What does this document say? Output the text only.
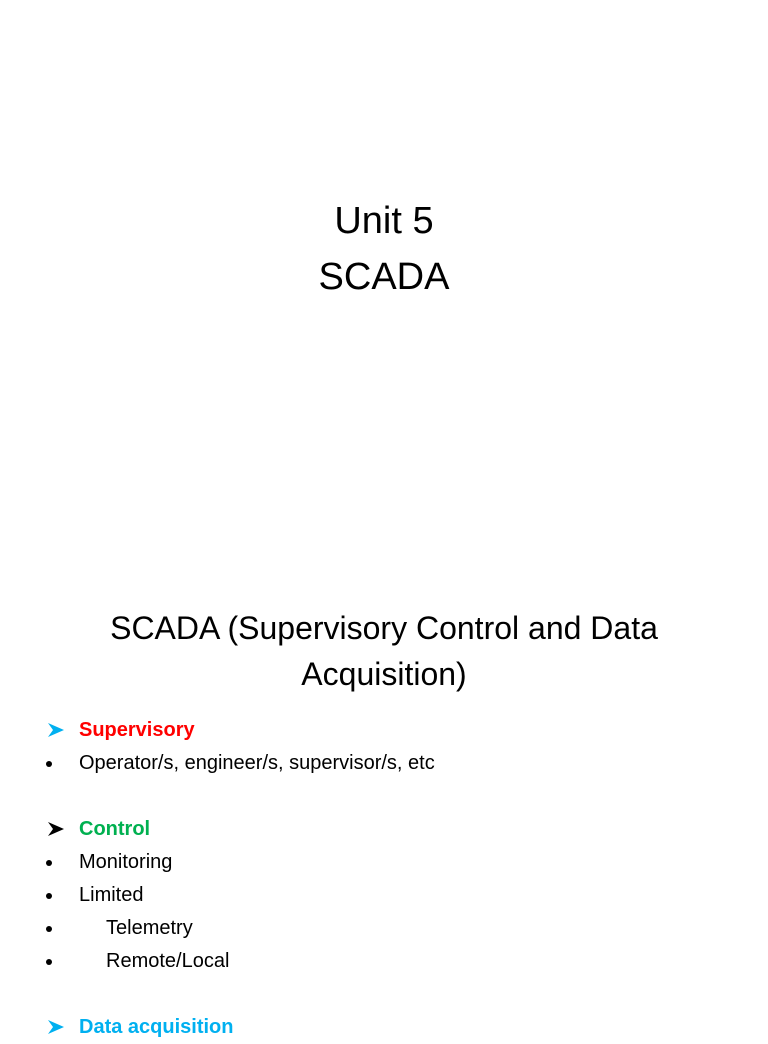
Unit 5
SCADA
SCADA (Supervisory Control and Data
Acquisition)
Supervisory
Operator/s, engineer/s, supervisor/s, etc
Control
Monitoring
Limited
Telemetry
Remote/Local
Data acquisition
